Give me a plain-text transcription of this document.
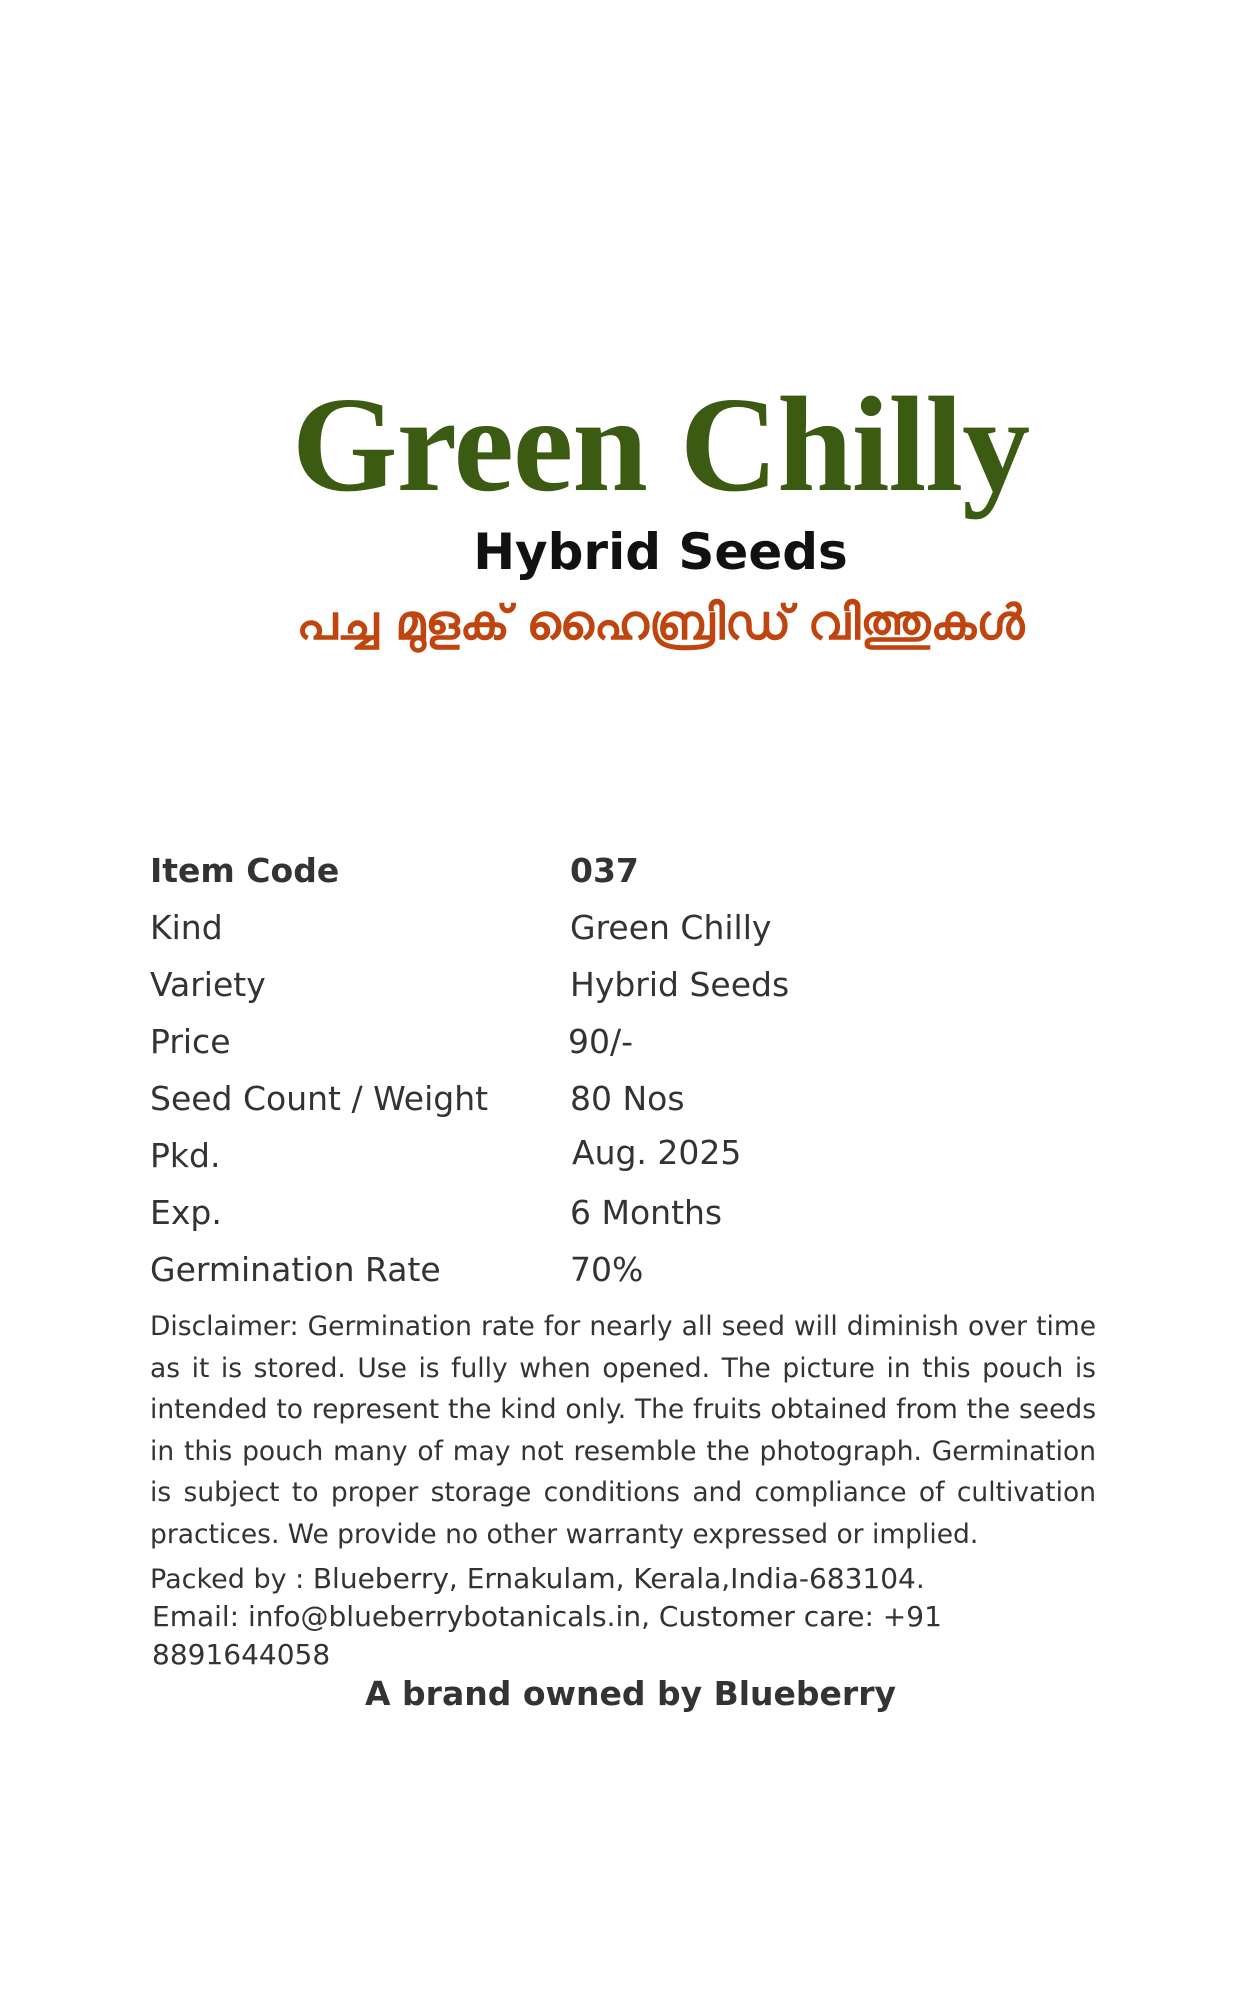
Green Chilly
Hybrid Seeds
പച്ച മുളക് ഹൈബ്രിഡ് വിത്തുകൾ
Item Code	037
Kind	Green Chilly
Variety	Hybrid Seeds
Price	90/-
Seed Count / Weight 80 Nos
Pkd.	Aug. 2025
Exp.	6 Months
Germination Rate	70%
Disclaimer: Germination rate for nearly all seed will diminish over time as it is stored. Use is fully when opened. The picture in this pouch is intended to represent the kind only. The fruits obtained from the seeds in this pouch many of may not resemble the photograph. Germination is subject to proper storage conditions and compliance of cultivation practices. We provide no other warranty expressed or implied.
Packed by : Blueberry, Ernakulam, Kerala,India-683104.
Email: info@blueberrybotanicals.in, Customer care: +91 8891644058
A brand owned by Blueberry
